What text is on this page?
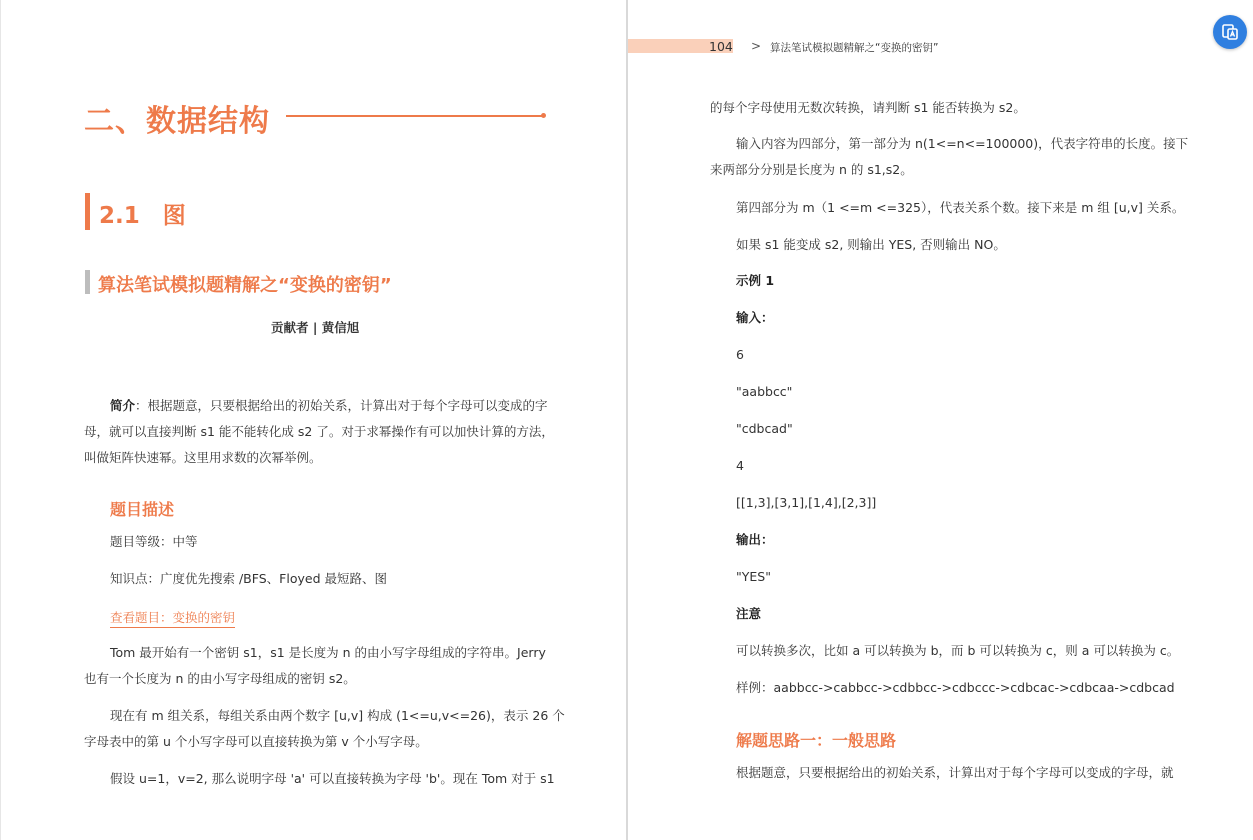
二、数据结构
2.1　图
算法笔试模拟题精解之“变换的密钥”

贡献者 | 黄信旭

简介：根据题意，只要根据给出的初始关系，计算出对于每个字母可以变成的字

母，就可以直接判断 s1 能不能转化成 s2 了。对于求幂操作有可以加快计算的方法，

叫做矩阵快速幂。这里用求数的次幂举例。

题目描述

题目等级：中等

知识点：广度优先搜索 /BFS、Floyed 最短路、图

查看题目：变换的密钥

Tom 最开始有一个密钥 s1，s1 是长度为 n 的由小写字母组成的字符串。Jerry

也有一个长度为 n 的由小写字母组成的密钥 s2。

现在有 m 组关系，每组关系由两个数字 [u,v] 构成 (1<=u,v<=26)，表示 26 个

字母表中的第 u 个小写字母可以直接转换为第 v 个小写字母。

假设 u=1，v=2, 那么说明字母 'a' 可以直接转换为字母 'b'。现在 Tom 对于 s1

104 > 算法笔试模拟题精解之“变换的密钥”

的每个字母使用无数次转换，请判断 s1 能否转换为 s2。

输入内容为四部分，第一部分为 n(1<=n<=100000)，代表字符串的长度。接下

来两部分分别是长度为 n 的 s1,s2。

第四部分为 m（1 <=m <=325），代表关系个数。接下来是 m 组 [u,v] 关系。

如果 s1 能变成 s2, 则输出 YES, 否则输出 NO。

示例 1

输入：

6

"aabbcc"

"cdbcad"

4

[[1,3],[3,1],[1,4],[2,3]]

输出：

"YES"

注意

可以转换多次，比如 a 可以转换为 b，而 b 可以转换为 c，则 a 可以转换为 c。

样例：aabbcc->cabbcc->cdbbcc->cdbccc->cdbcac->cdbcaa->cdbcad

解题思路一：一般思路

根据题意，只要根据给出的初始关系，计算出对于每个字母可以变成的字母，就
